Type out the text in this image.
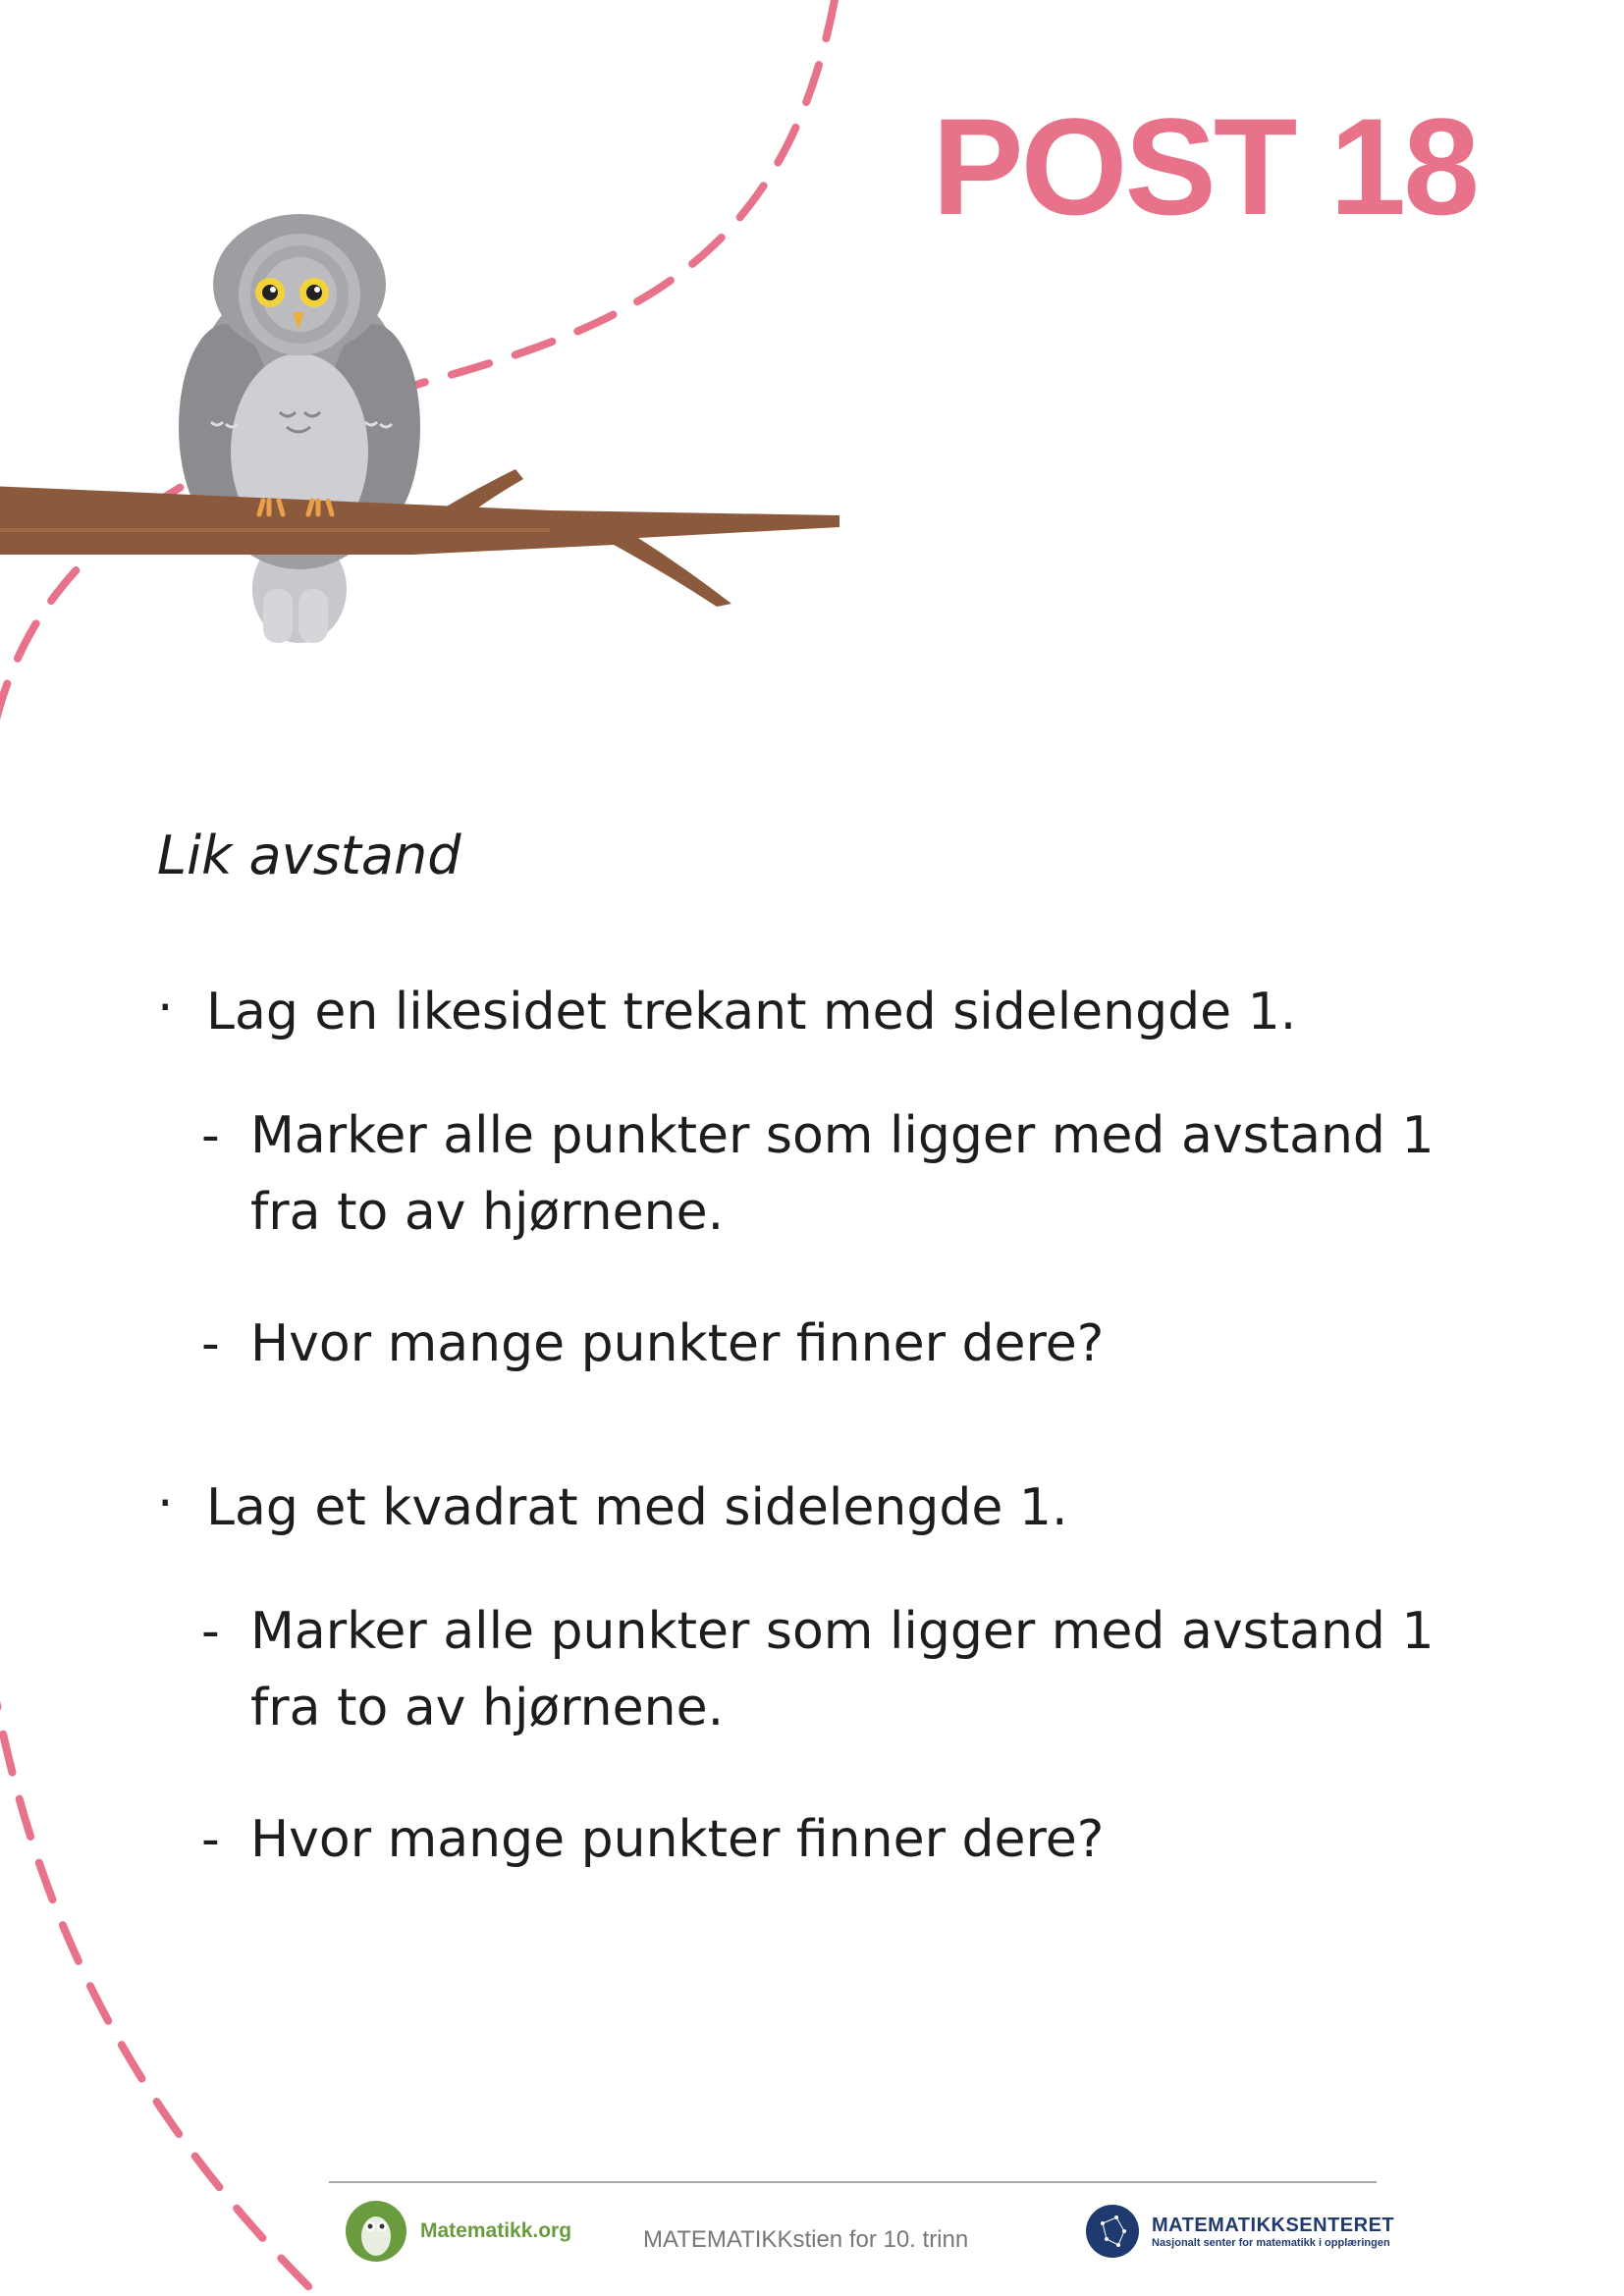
POST 18
Lik avstand
· Lag en likesidet trekant med sidelengde 1.
- Marker alle punkter som ligger med avstand 1 fra to av hjørnene.
- Hvor mange punkter finner dere?
· Lag et kvadrat med sidelengde 1.
- Marker alle punkter som ligger med avstand 1 fra to av hjørnene.
- Hvor mange punkter finner dere?
Matematikk.org	MATEMATIKKstien for 10. trinn
MATEMATIKKSENTERET
Nasjonalt senter for matematikk i opplæringen
